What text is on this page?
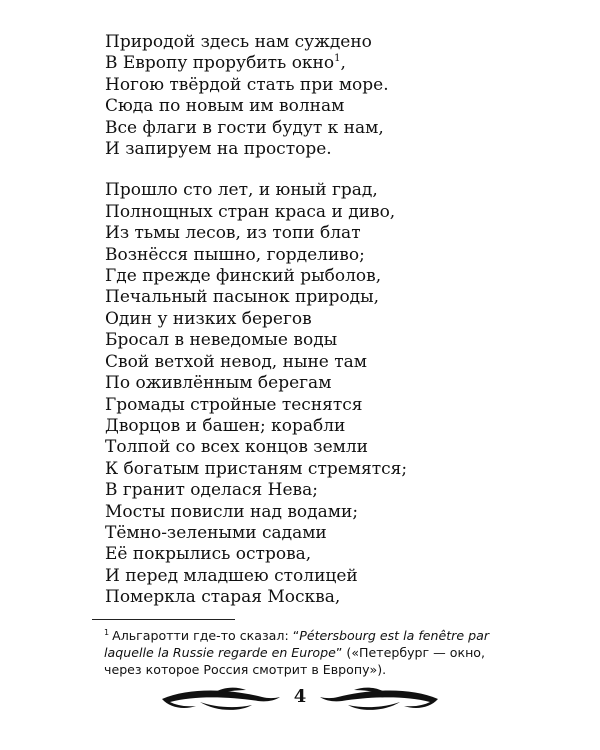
Природой здесь нам суждено
В Европу прорубить окно$^1$,
Ногою твёрдой стать при море.
Сюда по новым им волнам
Все флаги в гости будут к нам,
И запируем на просторе.
Прошло сто лет, и юный град,
Полнощных стран краса и диво,
Из тьмы лесов, из топи блат
Вознёсся пышно, горделиво;
Где прежде финский рыболов,
Печальный пасынок природы,
Один у низких берегов
Бросал в неведомые воды
Свой ветхой невод, ныне там
По оживлённым берегам
Громады стройные теснятся
Дворцов и башен; корабли
Толпой со всех концов земли
К богатым пристаням стремятся;
В гранит оделася Нева;
Мосты повисли над водами;
Тёмно-зелеными садами
Её покрылись острова,
И перед младшею столицей
Померкла старая Москва,
$^1$ Альгаротти где-то сказал: “Pétersbourg est la fenêtre par laquelle la Russie regarde en Europe” («Петербург — окно, через которое Россия смотрит в Европу»).
4
